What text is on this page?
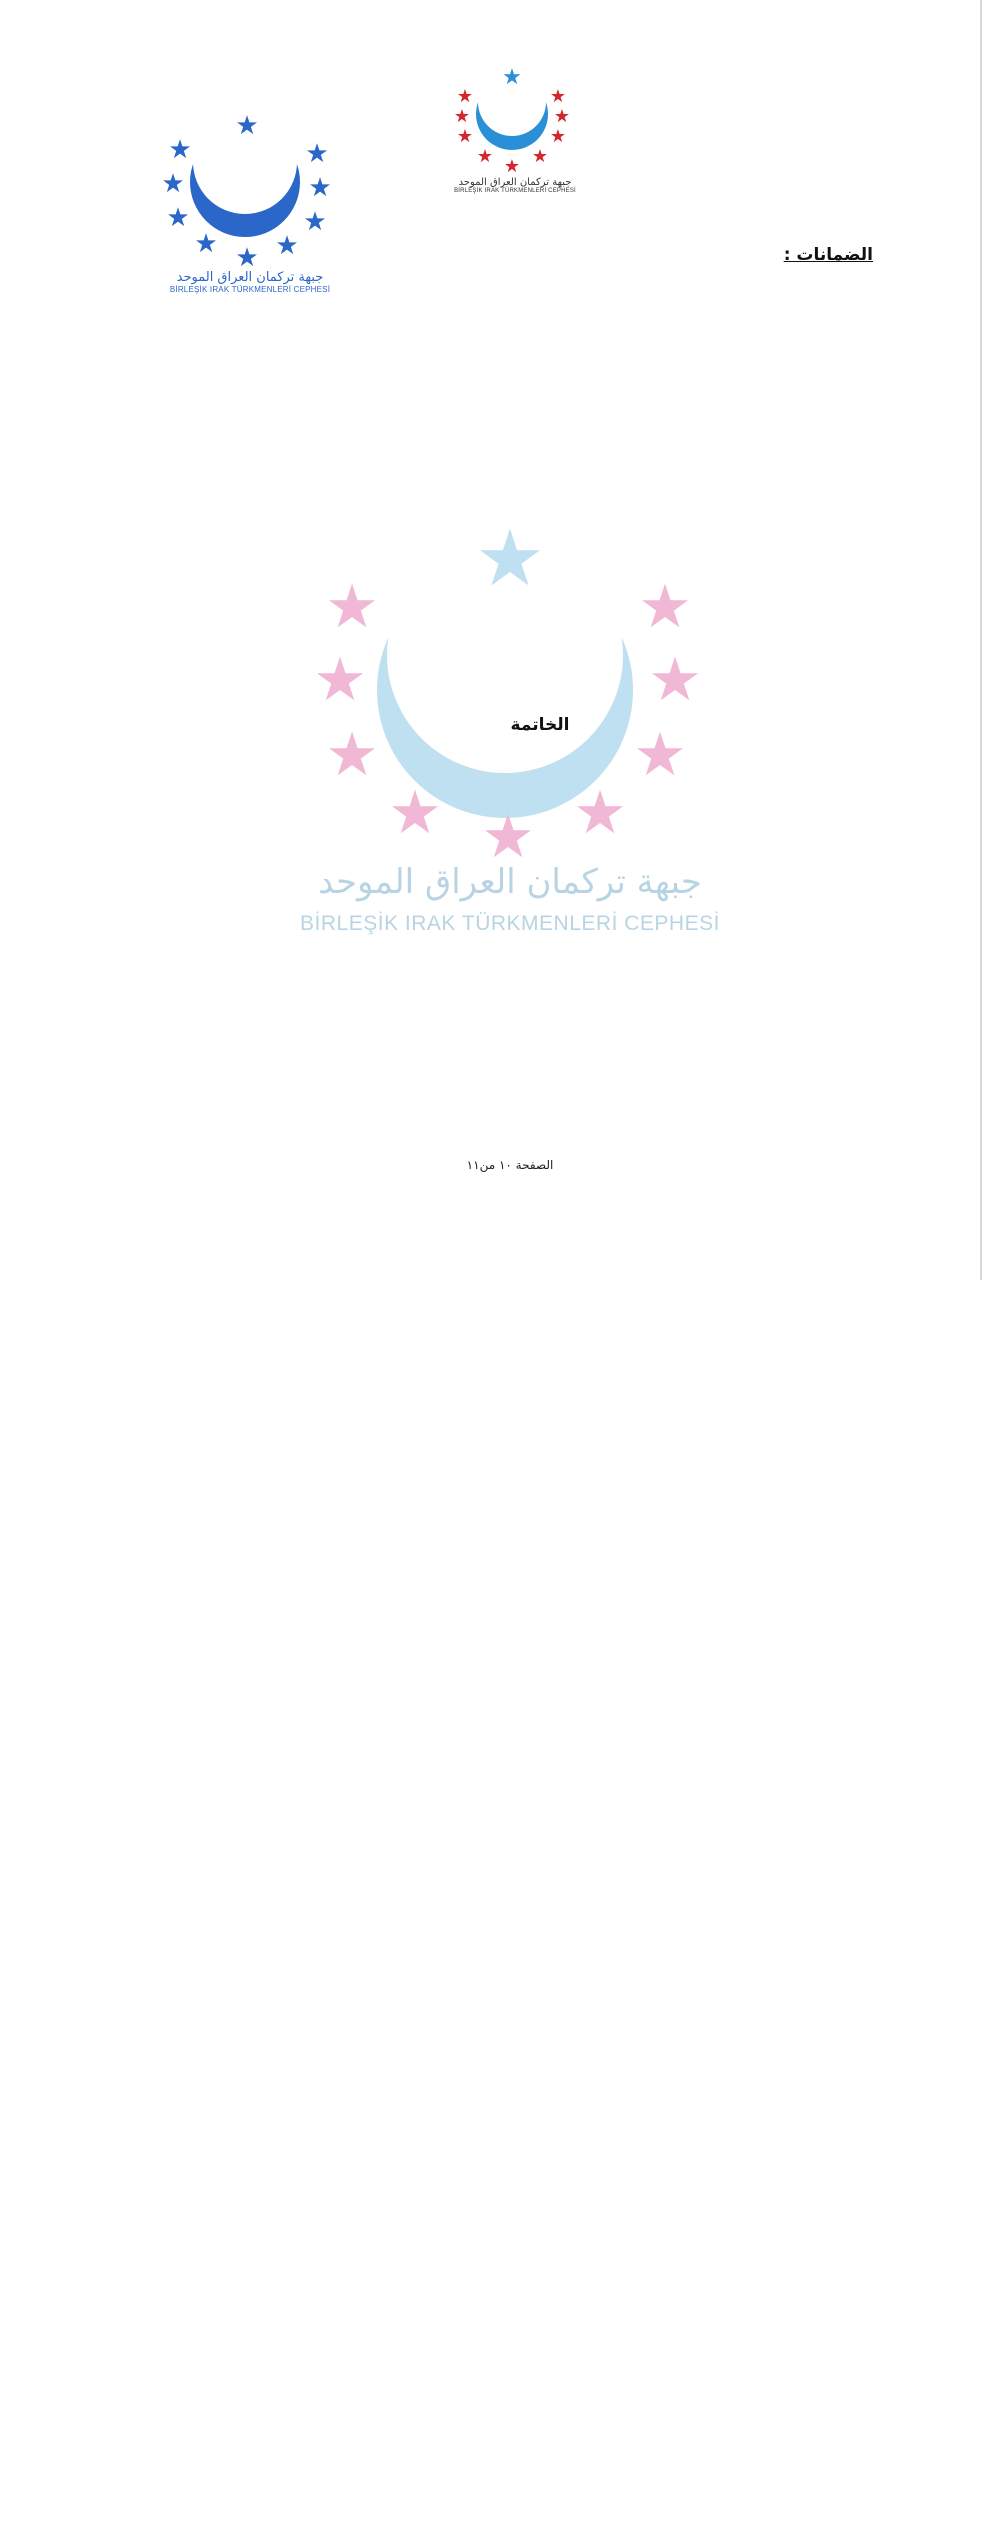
★
★	★
★	★
★	★
★ ★
★
جبهة تركمان العراق الموحد
BİRLEŞİK IRAK TÜRKMENLERİ CEPHESİ
★	★
★	★
★	★
★ ★
★
★
جبهة تركمان العراق الموحد
BİRLEŞİK IRAK TÜRKMENLERİ CEPHESİ
★
★	★
★	★
★	★
★ ★
★
جبهة تركمان العراق الموحد
BİRLEŞİK IRAK TÜRKMENLERİ CEPHESİ
الضمانات :
الخاتمة
الصفحة ١٠ من١١
